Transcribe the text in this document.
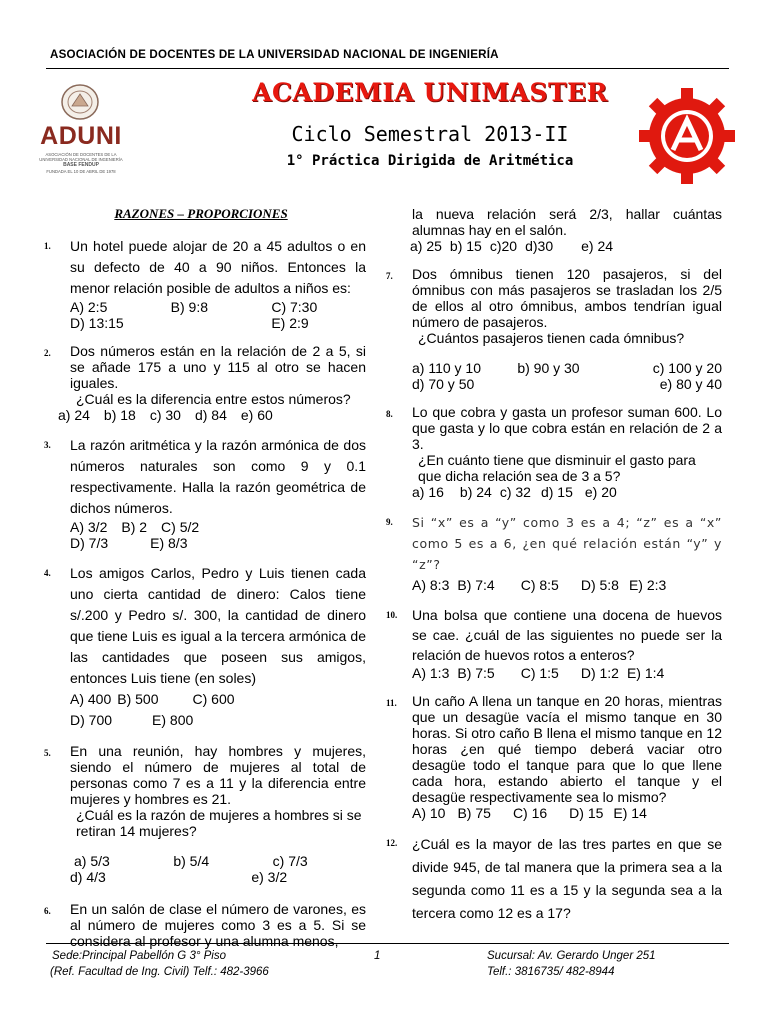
ASOCIACIÓN DE DOCENTES DE LA UNIVERSIDAD NACIONAL DE INGENIERÍA
ADUNI
ASOCIACIÓN DE DOCENTES DE LA
UNIVERSIDAD NACIONAL DE INGENIERÍA
BASE FENDUP
FUNDADA EL 10 DE ABRIL DE 1978
ACADEMIA UNIMASTER
Ciclo Semestral 2013-II
1° Práctica Dirigida de Aritmética
RAZONES – PROPORCIONES
1. Un hotel puede alojar de 20 a 45 adultos o en su defecto de 40 a 90 niños. Entonces la menor relación posible de adultos a niños es:
A) 2:5	B) 9:8	C) 7:30
D) 13:15	E) 2:9
2. Dos números están en la relación de 2 a 5, si se añade 175 a uno y 115 al otro se hacen iguales.
¿Cuál es la diferencia entre estos números?
a) 24 b) 18 c) 30 d) 84 e) 60
3. La razón aritmética y la razón armónica de dos números naturales son como 9 y 0.1 respectivamente. Halla la razón geométrica de dichos números.
A) 3/2 B) 2 C) 5/2
D) 7/3	E) 8/3
4. Los amigos Carlos, Pedro y Luis tienen cada uno cierta cantidad de dinero: Calos tiene s/.200 y Pedro s/. 300, la cantidad de dinero que tiene Luis es igual a la tercera armónica de las cantidades que poseen sus amigos, entonces Luis tiene (en soles)
A) 400 B) 500 C) 600
D) 700	E) 800
5. En una reunión, hay hombres y mujeres, siendo el número de mujeres al total de personas como 7 es a 11 y la diferencia entre mujeres y hombres es 21.
¿Cuál es la razón de mujeres a hombres si se retiran 14 mujeres?
a) 5/3	b) 5/4	c) 7/3
d) 4/3	e) 3/2
6. En un salón de clase el número de varones, es al número de mujeres como 3 es a 5. Si se considera al profesor y una alumna menos,
la nueva relación será 2/3, hallar cuántas alumnas hay en el salón.
a) 25 b) 15 c)20 d)30 e) 24
7. Dos ómnibus tienen 120 pasajeros, si del ómnibus con más pasajeros se trasladan los 2/5 de ellos al otro ómnibus, ambos tendrían igual número de pasajeros.
¿Cuántos pasajeros tienen cada ómnibus?
a) 110 y 10	b) 90 y 30	c) 100 y 20
d) 70 y 50	e) 80 y 40
8. Lo que cobra y gasta un profesor suman 600. Lo que gasta y lo que cobra están en relación de 2 a 3.
¿En cuánto tiene que disminuir el gasto para que dicha relación sea de 3 a 5?
a) 16 b) 24 c) 32 d) 15 e) 20
9. Si “x” es a “y” como 3 es a 4; “z” es a “x” como 5 es a 6, ¿en qué relación están “y” y “z”?
A) 8:3 B) 7:4 C) 8:5 D) 5:8 E) 2:3
10. Una bolsa que contiene una docena de huevos se cae. ¿cuál de las siguientes no puede ser la relación de huevos rotos a enteros?
A) 1:3 B) 7:5 C) 1:5 D) 1:2 E) 1:4
11. Un caño A llena un tanque en 20 horas, mientras que un desagüe vacía el mismo tanque en 30 horas. Si otro caño B llena el mismo tanque en 12 horas ¿en qué tiempo deberá vaciar otro desagüe todo el tanque para que lo que llene cada hora, estando abierto el tanque y el desagüe respectivamente sea lo mismo?
A) 10 B) 75 C) 16 D) 15 E) 14
12. ¿Cuál es la mayor de las tres partes en que se divide 945, de tal manera que la primera sea a la segunda como 11 es a 15 y la segunda sea a la tercera como 12 es a 17?
Sede:Principal Pabellón G 3° Piso
(Ref. Facultad de Ing. Civil) Telf.: 482-3966
1	Sucursal: Av. Gerardo Unger 251
Telf.: 3816735/ 482-8944
